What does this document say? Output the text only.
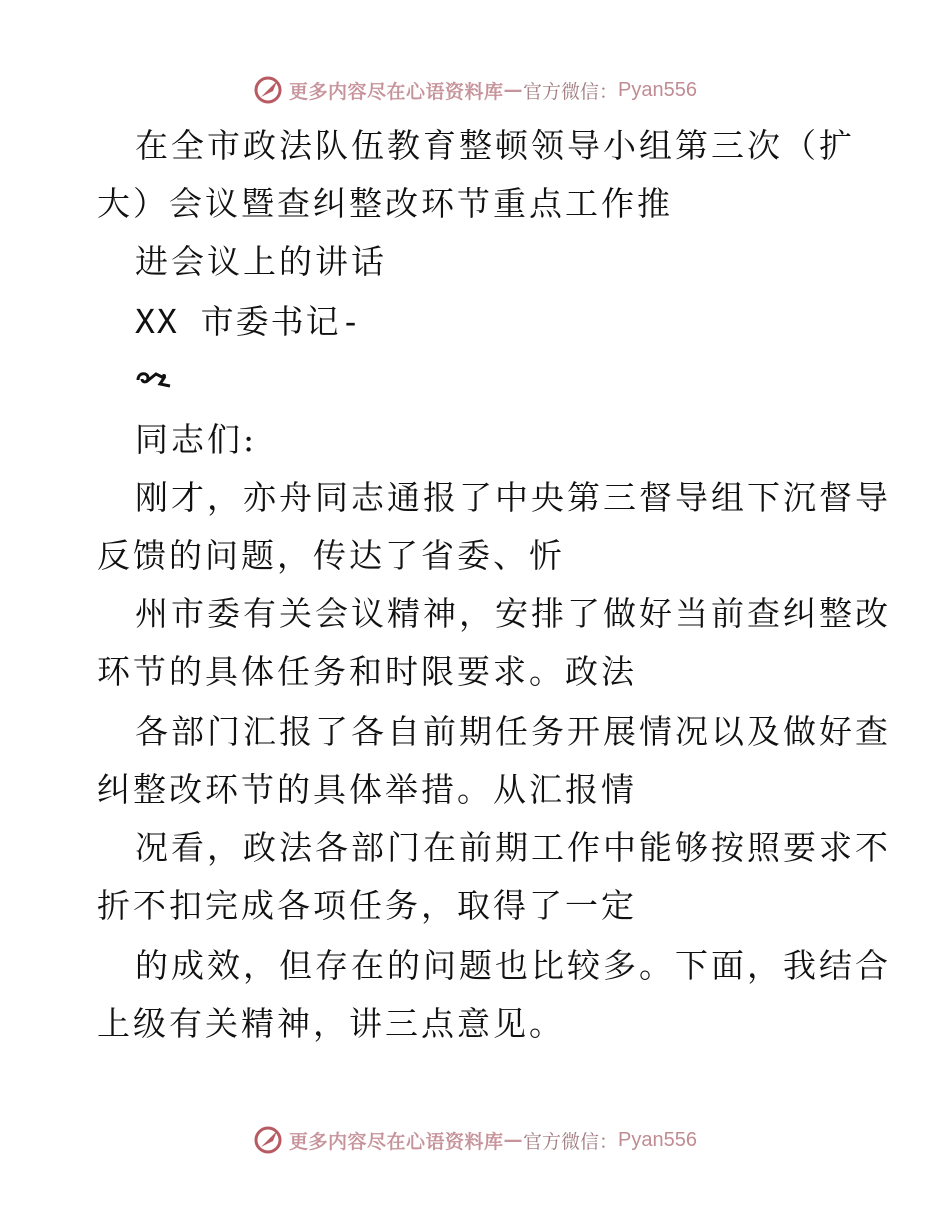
更多内容尽在心语资料库 — 官方微信： Pyan556
在全市政法队伍教育整顿领导小组第三次（扩
大）会议暨查纠整改环节重点工作推
进会议上的讲话
XX 市委书记-
同志们:
刚才，亦舟同志通报了中央第三督导组下沉督导
反馈的问题，传达了省委、忻
州市委有关会议精神，安排了做好当前查纠整改
环节的具体任务和时限要求。政法
各部门汇报了各自前期任务开展情况以及做好查
纠整改环节的具体举措。从汇报情
况看，政法各部门在前期工作中能够按照要求不
折不扣完成各项任务，取得了一定
的成效，但存在的问题也比较多。下面，我结合
上级有关精神，讲三点意见。
更多内容尽在心语资料库 — 官方微信： Pyan556
